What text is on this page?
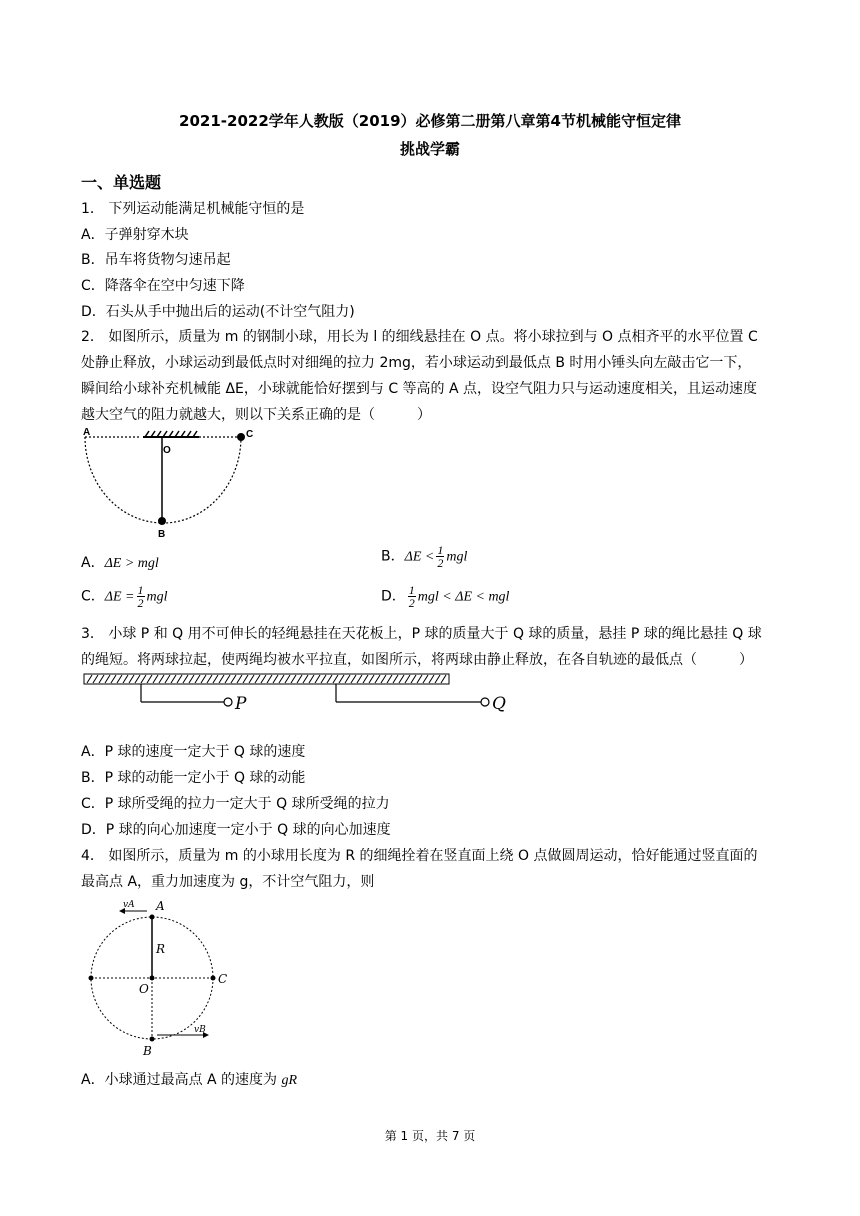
2021-2022学年人教版（2019）必修第二册第八章第4节机械能守恒定律
挑战学霸
一、单选题
1． 下列运动能满足机械能守恒的是
A．子弹射穿木块
B．吊车将货物匀速吊起
C．降落伞在空中匀速下降
D．石头从手中抛出后的运动(不计空气阻力)
2． 如图所示，质量为 m 的钢制小球，用长为 l 的细线悬挂在 O 点。将小球拉到与 O 点相齐平的水平位置 C
处静止释放，小球运动到最低点时对细绳的拉力 2mg，若小球运动到最低点 B 时用小锤头向左敲击它一下，
瞬间给小球补充机械能 ΔE，小球就能恰好摆到与 C 等高的 A 点，设空气阻力只与运动速度相关，且运动速度
越大空气的阻力就越大，则以下关系正确的是（　　　）
A
O
C
B
A．ΔE > mgl	B．$\Delta E < \frac{1}{2}$ mgl
C．$\Delta E = \frac{1}{2}$ mgl	D． $\frac{1}{2}$ mgl < ΔE < mgl
3． 小球 P 和 Q 用不可伸长的轻绳悬挂在天花板上，P 球的质量大于 Q 球的质量，悬挂 P 球的绳比悬挂 Q 球
的绳短。将两球拉起，使两绳均被水平拉直，如图所示，将两球由静止释放，在各自轨迹的最低点（　　　）
P	Q
A．P 球的速度一定大于 Q 球的速度
B．P 球的动能一定小于 Q 球的动能
C．P 球所受绳的拉力一定大于 Q 球所受绳的拉力
D．P 球的向心加速度一定小于 Q 球的向心加速度
4． 如图所示，质量为 m 的小球用长度为 R 的细绳拴着在竖直面上绕 O 点做圆周运动，恰好能通过竖直面的
最高点 A，重力加速度为 g，不计空气阻力，则
vA A
R
O
C
vB
B
A．小球通过最高点 A 的速度为 gR
第 1 页，共 7 页
